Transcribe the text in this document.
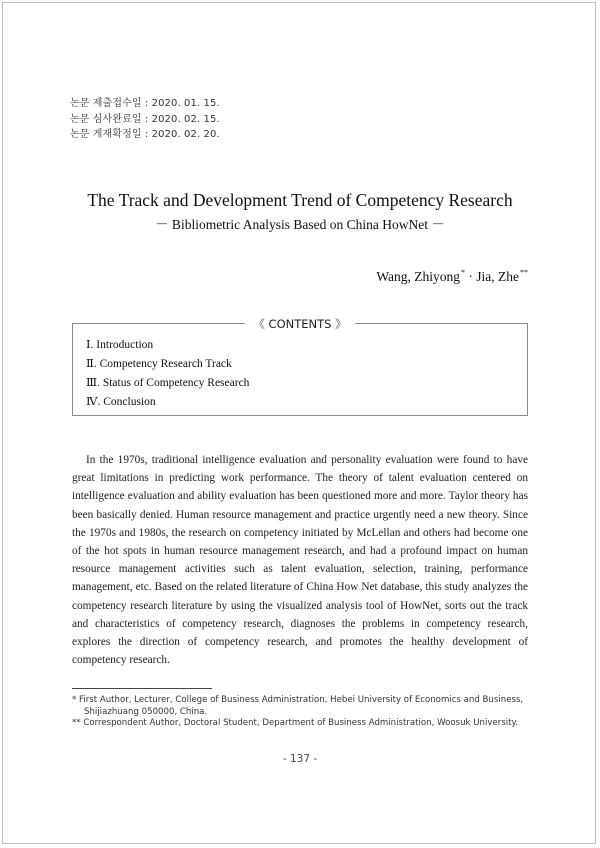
논문 제출접수일 : 2020. 01. 15.
논문 심사완료일 : 2020. 02. 15.
논문 게재확정일 : 2020. 02. 20.
The Track and Development Trend of Competency Research
－ Bibliometric Analysis Based on China HowNet －
Wang, Zhiyong* · Jia, Zhe**
《 CONTENTS 》
Ⅰ. Introduction
Ⅱ. Competency Research Track
Ⅲ. Status of Competency Research
Ⅳ. Conclusion
In the 1970s, traditional intelligence evaluation and personality evaluation were found to have great limitations in predicting work performance. The theory of talent evaluation centered on intelligence evaluation and ability evaluation has been questioned more and more. Taylor theory has been basically denied. Human resource management and practice urgently need a new theory. Since the 1970s and 1980s, the research on competency initiated by McLellan and others had become one of the hot spots in human resource management research, and had a profound impact on human resource management activities such as talent evaluation, selection, training, performance management, etc. Based on the related literature of China How Net database, this study analyzes the competency research literature by using the visualized analysis tool of HowNet, sorts out the track and characteristics of competency research, diagnoses the problems in competency research, explores the direction of competency research, and promotes the healthy development of competency research.
* First Author, Lecturer, College of Business Administration, Hebei University of Economics and Business, Shijiazhuang 050000, China.
** Correspondent Author, Doctoral Student, Department of Business Administration, Woosuk University.
- 137 -
